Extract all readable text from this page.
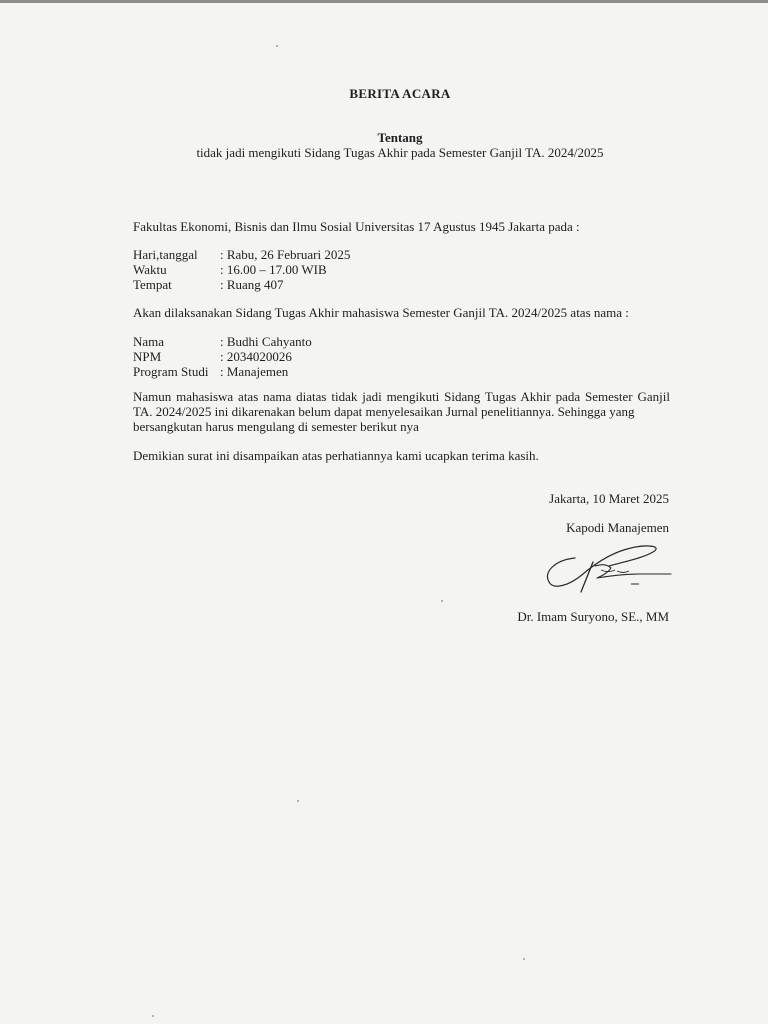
BERITA ACARA
Tentang
tidak jadi mengikuti Sidang Tugas Akhir pada Semester Ganjil TA. 2024/2025
Fakultas Ekonomi, Bisnis dan Ilmu Sosial Universitas 17 Agustus 1945 Jakarta pada :
Hari,tanggal : Rabu, 26 Februari 2025
Waktu	: 16.00 – 17.00 WIB
Tempat	: Ruang 407
Akan dilaksanakan Sidang Tugas Akhir mahasiswa Semester Ganjil TA. 2024/2025 atas nama :
Nama	: Budhi Cahyanto
NPM	: 2034020026
Program Studi : Manajemen
Namun mahasiswa atas nama diatas tidak jadi mengikuti Sidang Tugas Akhir pada Semester Ganjil TA. 2024/2025 ini dikarenakan belum dapat menyelesaikan Jurnal penelitiannya. Sehingga yang
bersangkutan harus mengulang di semester berikut nya
Demikian surat ini disampaikan atas perhatiannya kami ucapkan terima kasih.
Jakarta, 10 Maret 2025
Kapodi Manajemen
Dr. Imam Suryono, SE., MM
